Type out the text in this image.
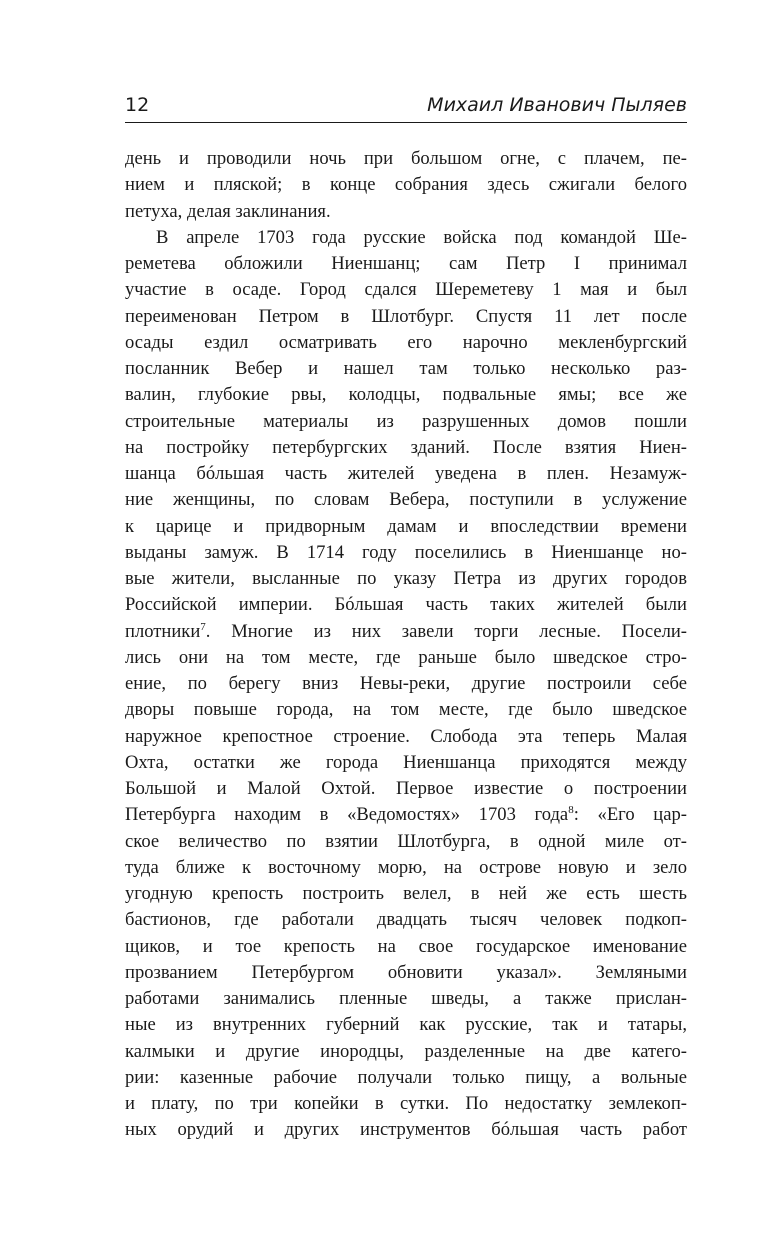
12	Михаил Иванович Пыляев
день и проводили ночь при большом огне, с плачем, пе-
нием и пляской; в конце собрания здесь сжигали белого
петуха, делая заклинания.
В апреле 1703 года русские войска под командой Ше-
реметева обложили Ниеншанц; сам Петр I принимал
участие в осаде. Город сдался Шереметеву 1 мая и был
переименован Петром в Шлотбург. Спустя 11 лет после
осады ездил осматривать его нарочно мекленбургский
посланник Вебер и нашел там только несколько раз-
валин, глубокие рвы, колодцы, подвальные ямы; все же
строительные материалы из разрушенных домов пошли
на постройку петербургских зданий. После взятия Ниен-
шанца бóльшая часть жителей уведена в плен. Незамуж-
ние женщины, по словам Вебера, поступили в услужение
к царице и придворным дамам и впоследствии времени
выданы замуж. В 1714 году поселились в Ниеншанце но-
вые жители, высланные по указу Петра из других городов
Российской империи. Бóльшая часть таких жителей были
плотники$^7$. Многие из них завели торги лесные. Посели-
лись они на том месте, где раньше было шведское стро-
ение, по берегу вниз Невы-реки, другие построили себе
дворы повыше города, на том месте, где было шведское
наружное крепостное строение. Слобода эта теперь Малая
Охта, остатки же города Ниеншанца приходятся между
Большой и Малой Охтой. Первое известие о построении
Петербурга находим в «Ведомостях» 1703 года$^8$: «Его цар-
ское величество по взятии Шлотбурга, в одной миле от-
туда ближе к восточному морю, на острове новую и зело
угодную крепость построить велел, в ней же есть шесть
бастионов, где работали двадцать тысяч человек подкоп-
щиков, и тое крепость на свое государское именование
прозванием Петербургом обновити указал». Земляными
работами занимались пленные шведы, а также прислан-
ные из внутренних губерний как русские, так и татары,
калмыки и другие инородцы, разделенные на две катего-
рии: казенные рабочие получали только пищу, а вольные
и плату, по три копейки в сутки. По недостатку землекоп-
ных орудий и других инструментов бóльшая часть работ
